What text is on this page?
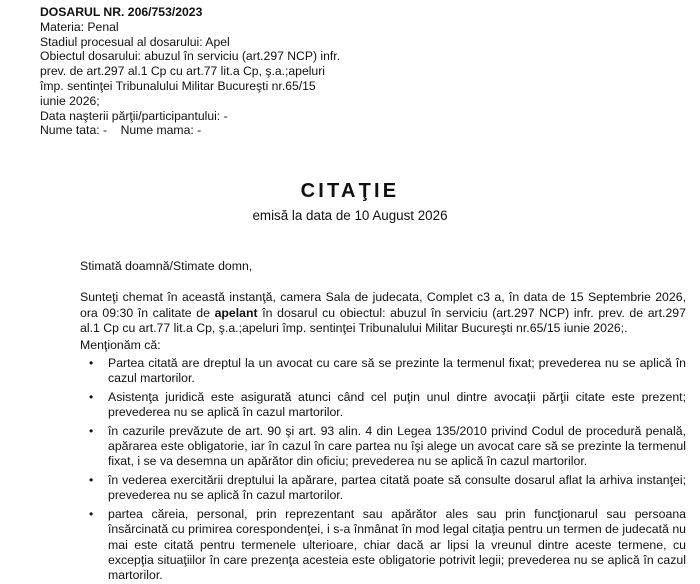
DOSARUL NR. 206/753/2023
Materia: Penal
Stadiul procesual al dosarului: Apel
Obiectul dosarului: abuzul în serviciu (art.297 NCP) infr.
prev. de art.297 al.1 Cp cu art.77 lit.a Cp, ş.a.;apeluri
împ. sentinţei Tribunalului Militar Bucureşti nr.65/15
iunie 2026;
Data naşterii părţii/participantului: -
Nume tata: -    Nume mama: -
CITAŢIE
emisă la data de 10 August 2026
Stimată doamnă/Stimate domn,
Sunteţi chemat în această instanţă, camera Sala de judecata, Complet c3 a, în data de 15 Septembrie 2026, ora 09:30 în calitate de apelant în dosarul cu obiectul: abuzul în serviciu (art.297 NCP) infr. prev. de art.297 al.1 Cp cu art.77 lit.a Cp, ş.a.;apeluri împ. sentinţei Tribunalului Militar Bucureşti nr.65/15 iunie 2026;.
Menţionăm că:
• Partea citată are dreptul la un avocat cu care să se prezinte la termenul fixat; prevederea nu se aplică în cazul martorilor.
• Asistenţa juridică este asigurată atunci când cel puţin unul dintre avocaţii părţii citate este prezent; prevederea nu se aplică în cazul martorilor.
• în cazurile prevăzute de art. 90 şi art. 93 alin. 4 din Legea 135/2010 privind Codul de procedură penală, apărarea este obligatorie, iar în cazul în care partea nu îşi alege un avocat care să se prezinte la termenul fixat, i se va desemna un apărător din oficiu; prevederea nu se aplică în cazul martorilor.
• în vederea exercitării dreptului la apărare, partea citată poate să consulte dosarul aflat la arhiva instanţei; prevederea nu se aplică în cazul martorilor.
• partea căreia, personal, prin reprezentant sau apărător ales sau prin funcţionarul sau persoana însărcinată cu primirea corespondenţei, i s-a înmânat în mod legal citaţia pentru un termen de judecată nu mai este citată pentru termenele ulterioare, chiar dacă ar lipsi la vreunul dintre aceste termene, cu excepţia situaţiilor în care prezenţa acesteia este obligatorie potrivit legii; prevederea nu se aplică în cazul martorilor.
